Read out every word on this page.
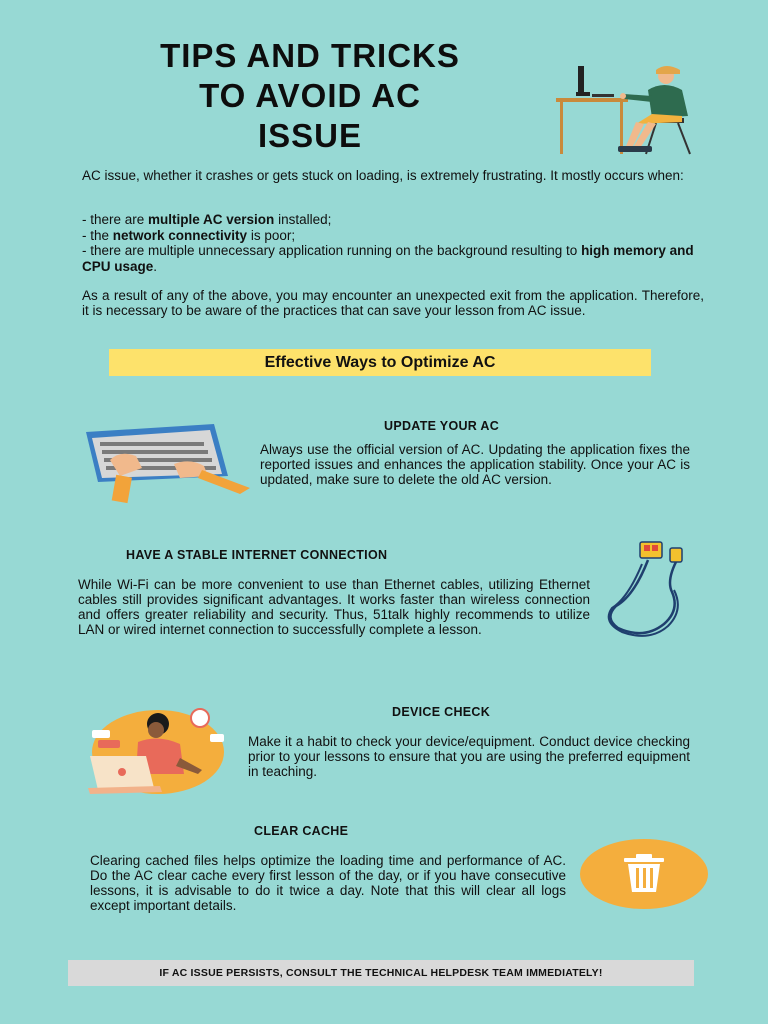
TIPS AND TRICKS
TO AVOID AC
ISSUE

AC issue, whether it crashes or gets stuck on loading, is extremely frustrating. It mostly occurs when:

- there are multiple AC version installed;
- the network connectivity is poor;
- there are multiple unnecessary application running on the background resulting to high memory and CPU usage.

As a result of any of the above, you may encounter an unexpected exit from the application. Therefore, it is necessary to be aware of the practices that can save your lesson from AC issue.

Effective Ways to Optimize AC
UPDATE YOUR AC

Always use the official version of AC. Updating the application fixes the reported issues and enhances the application stability. Once your AC is updated, make sure to delete the old AC version.

HAVE A STABLE INTERNET CONNECTION

While Wi-Fi can be more convenient to use than Ethernet cables, utilizing Ethernet cables still provides significant advantages. It works faster than wireless connection and offers greater reliability and security. Thus, 51talk highly recommends to utilize LAN or wired internet connection to successfully complete a lesson.

DEVICE CHECK

Make it a habit to check your device/equipment. Conduct device checking prior to your lessons to ensure that you are using the preferred equipment in teaching.

CLEAR CACHE

Clearing cached files helps optimize the loading time and performance of AC. Do the AC clear cache every first lesson of the day, or if you have consecutive lessons, it is advisable to do it twice a day. Note that this will clear all logs except important details.

IF AC ISSUE PERSISTS, CONSULT THE TECHNICAL HELPDESK TEAM IMMEDIATELY!
